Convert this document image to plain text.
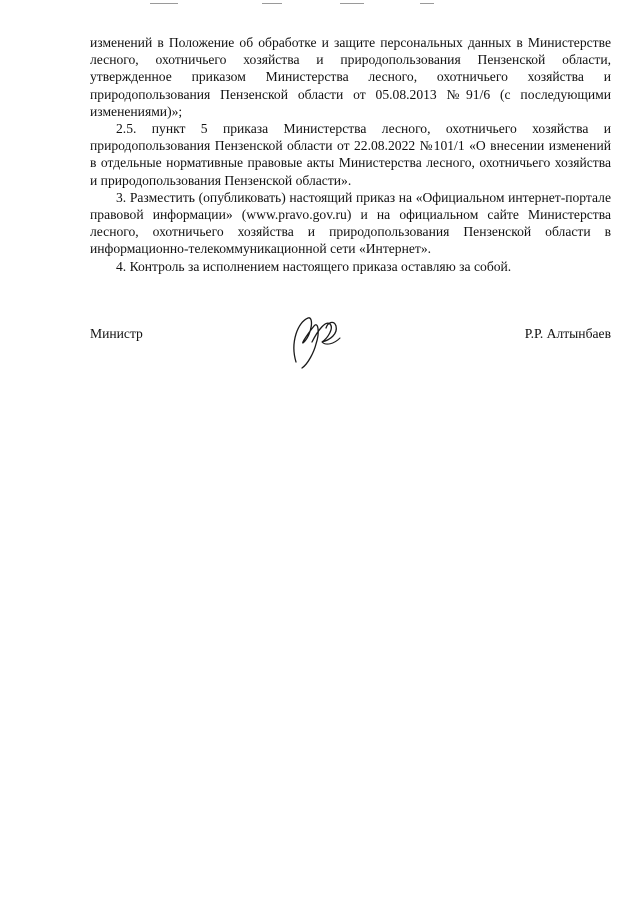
изменений в Положение об обработке и защите персональных данных в Министерстве лесного, охотничьего хозяйства и природопользования Пензенской области, утвержденное приказом Министерства лесного, охотничьего хозяйства и природопользования Пензенской области от 05.08.2013 №91/6 (с последующими изменениями)»;

2.5. пункт 5 приказа Министерства лесного, охотничьего хозяйства и природопользования Пензенской области от 22.08.2022 №101/1 «О внесении изменений в отдельные нормативные правовые акты Министерства лесного, охотничьего хозяйства и природопользования Пензенской области».

3. Разместить (опубликовать) настоящий приказ на «Официальном интернет-портале правовой информации» (www.pravo.gov.ru) и на официальном сайте Министерства лесного, охотничьего хозяйства и природопользования Пензенской области в информационно-телекоммуникационной сети «Интернет».

4. Контроль за исполнением настоящего приказа оставляю за собой.

Министр	Р.Р. Алтынбаев
